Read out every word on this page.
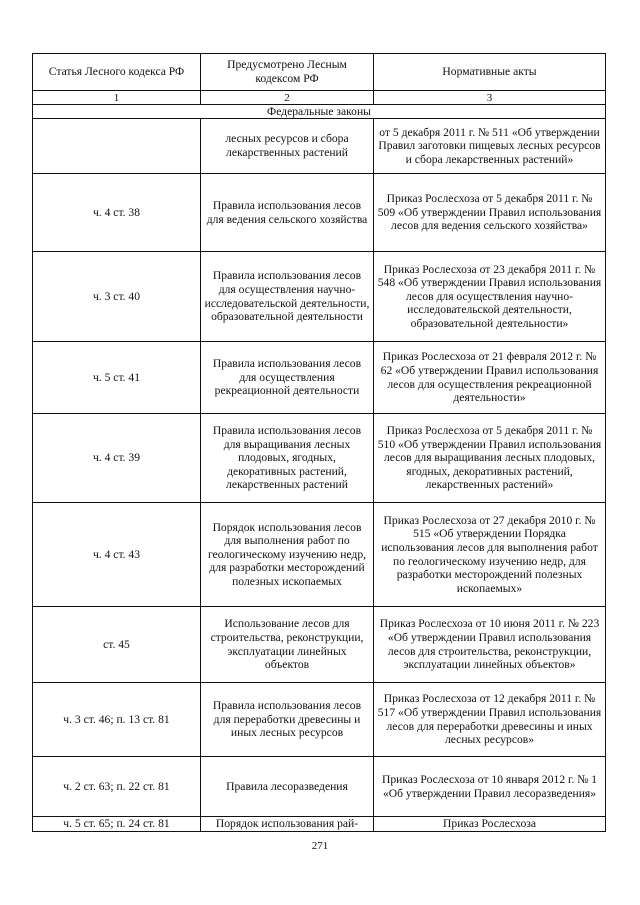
Статья Лесного кодекса РФ	Предусмотрено Лесным кодексом РФ	Нормативные акты
1	2	3
Федеральные законы		
	лесных ресурсов и сбора лекарственных растений	от 5 декабря 2011 г. № 511 «Об утверждении Правил заготовки пищевых лесных ресурсов и сбора лекарственных растений»
ч. 4 ст. 38	Правила использования лесов для ведения сельского хозяйства	Приказ Рослесхоза от 5 декабря 2011 г. № 509 «Об утверждении Правил использования лесов для ведения сельского хозяйства»
ч. 3 ст. 40	Правила использования лесов для осуществления научно-исследовательской деятельности, образовательной деятельности	Приказ Рослесхоза от 23 декабря 2011 г. № 548 «Об утверждении Правил использования лесов для осуществления научно-исследовательской деятельности, образовательной деятельности»
ч. 5 ст. 41	Правила использования лесов для осуществления рекреационной деятельности	Приказ Рослесхоза от 21 февраля 2012 г. № 62 «Об утверждении Правил использования лесов для осуществления рекреационной деятельности»
ч. 4 ст. 39	Правила использования лесов для выращивания лесных плодовых, ягодных, декоративных растений, лекарственных растений	Приказ Рослесхоза от 5 декабря 2011 г. № 510 «Об утверждении Правил использования лесов для выращивания лесных плодовых, ягодных, декоративных растений, лекарственных растений»
ч. 4 ст. 43	Порядок использования лесов для выполнения работ по геологическому изучению недр, для разработки месторождений полезных ископаемых	Приказ Рослесхоза от 27 декабря 2010 г. № 515 «Об утверждении Порядка использования лесов для выполнения работ по геологическому изучению недр, для разработки месторождений полезных ископаемых»
ст. 45	Использование лесов для строительства, реконструкции, эксплуатации линейных объектов	Приказ Рослесхоза от 10 июня 2011 г. № 223 «Об утверждении Правил использования лесов для строительства, реконструкции, эксплуатации линейных объектов»
ч. 3 ст. 46; п. 13 ст. 81	Правила использования лесов для переработки древесины и иных лесных ресурсов	Приказ Рослесхоза от 12 декабря 2011 г. № 517 «Об утверждении Правил использования лесов для переработки древесины и иных лесных ресурсов»
ч. 2 ст. 63; п. 22 ст. 81	Правила лесоразведения	Приказ Рослесхоза от 10 января 2012 г. № 1 «Об утверждении Правил лесоразведения»
ч. 5 ст. 65; п. 24 ст. 81	Порядок использования рай-	Приказ Рослесхоза
271
